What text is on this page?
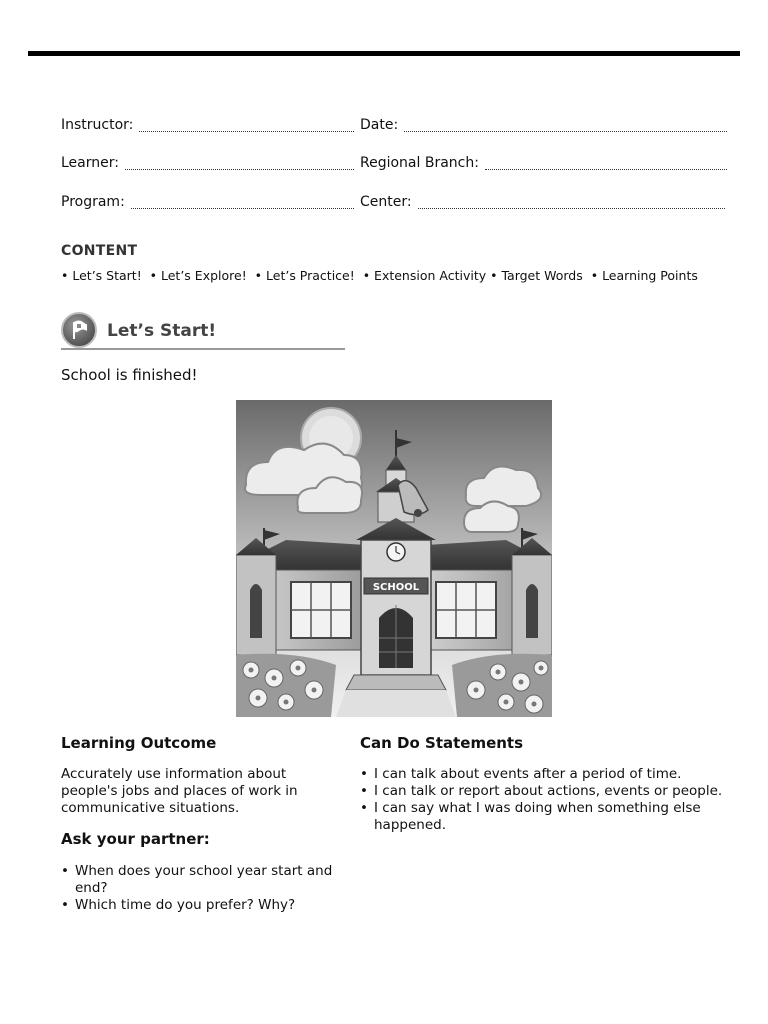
Instructor:	Date:
Learner:	Regional Branch:
Program:	Center:
CONTENT
• Let’s Start! • Let’s Explore! • Let’s Practice! • Extension Activity • Target Words • Learning Points
Let’s Start!
School is finished!
SCHOOL
Learning Outcome
Accurately use information about people's jobs and places of work in communicative situations.
Ask your partner:
• When does your school year start and end?
• Which time do you prefer? Why?
Can Do Statements
• I can talk about events after a period of time.
• I can talk or report about actions, events or people.
• I can say what I was doing when something else happened.
